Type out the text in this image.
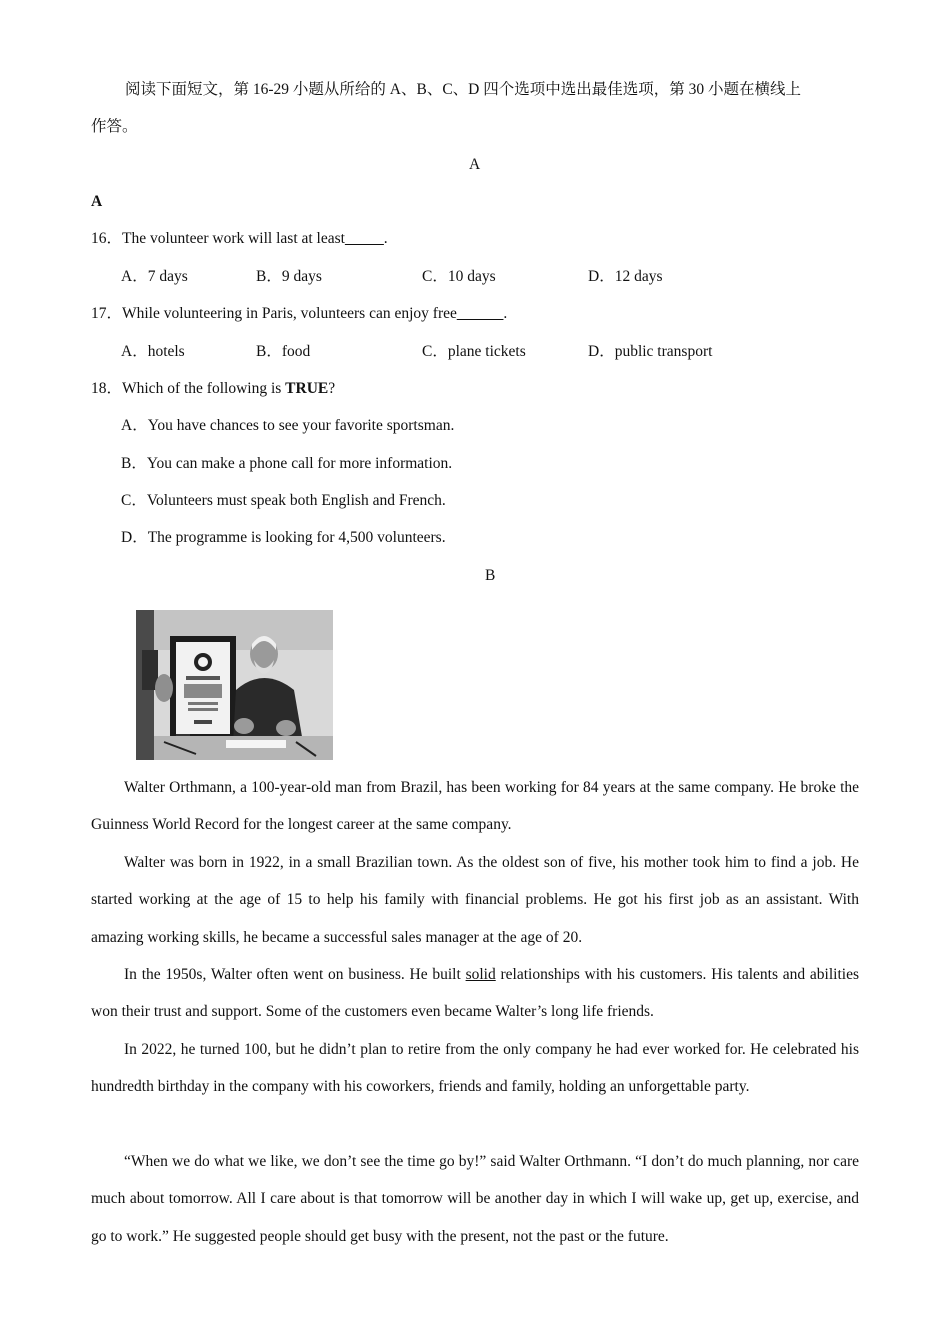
阅读下面短文，第 16-29 小题从所给的 A、B、C、D 四个选项中选出最佳选项，第 30 小题在横线上
作答。
A
A
16．The volunteer work will last at least_____.
A．7 days	B．9 days	C．10 days	D．12 days
17．While volunteering in Paris, volunteers can enjoy free______.
A．hotels	B．food	C．plane tickets	D．public transport
18．Which of the following is TRUE?
A．You have chances to see your favorite sportsman.
B．You can make a phone call for more information.
C．Volunteers must speak both English and French.
D．The programme is looking for 4,500 volunteers.
B
Walter Orthmann, a 100-year-old man from Brazil, has been working for 84 years at the same company. He broke the Guinness World Record for the longest career at the same company.
Walter was born in 1922, in a small Brazilian town. As the oldest son of five, his mother took him to find a job. He started working at the age of 15 to help his family with financial problems. He got his first job as an assistant. With amazing working skills, he became a successful sales manager at the age of 20.
In the 1950s, Walter often went on business. He built solid relationships with his customers. His talents and abilities won their trust and support. Some of the customers even became Walter’s long life friends.
In 2022, he turned 100, but he didn’t plan to retire from the only company he had ever worked for. He celebrated his hundredth birthday in the company with his coworkers, friends and family, holding an unforgettable party.
“When we do what we like, we don’t see the time go by!” said Walter Orthmann. “I don’t do much planning, nor care much about tomorrow. All I care about is that tomorrow will be another day in which I will wake up, get up, exercise, and go to work.” He suggested people should get busy with the present, not the past or the future.
